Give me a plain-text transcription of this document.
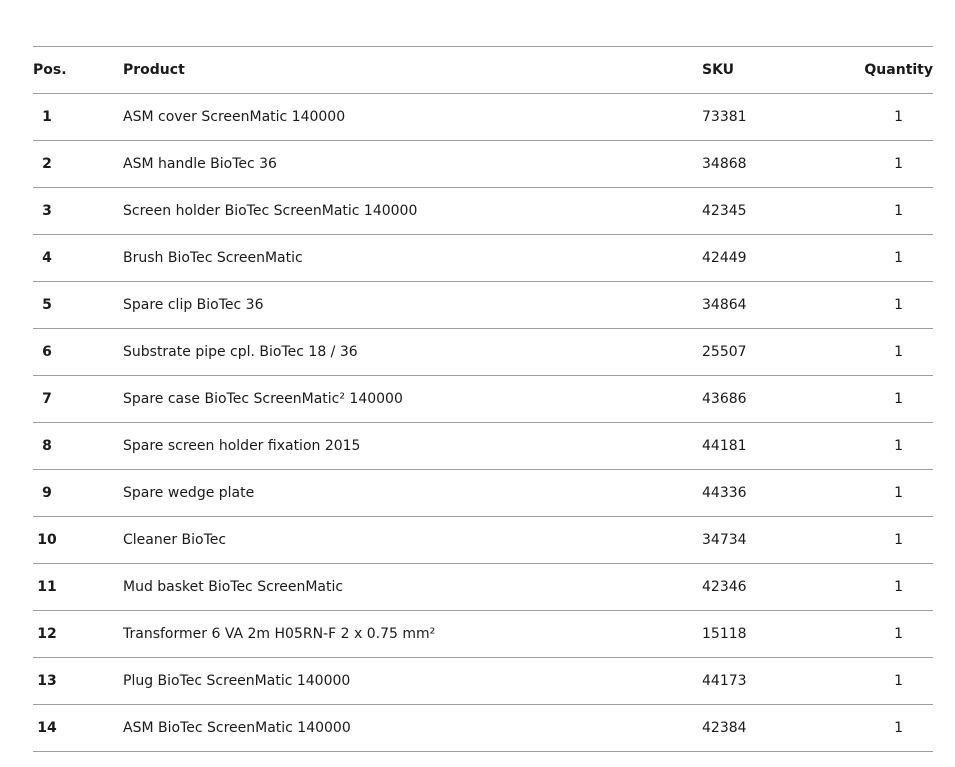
Pos.	Product	SKU	Quantity
1	ASM cover ScreenMatic 140000	73381	1
2	ASM handle BioTec 36	34868	1
3	Screen holder BioTec ScreenMatic 140000	42345	1
4	Brush BioTec ScreenMatic	42449	1
5	Spare clip BioTec 36	34864	1
6	Substrate pipe cpl. BioTec 18 / 36	25507	1
7	Spare case BioTec ScreenMatic² 140000	43686	1
8	Spare screen holder fixation 2015	44181	1
9	Spare wedge plate	44336	1
10	Cleaner BioTec	34734	1
11	Mud basket BioTec ScreenMatic	42346	1
12	Transformer 6 VA 2m H05RN-F 2 x 0.75 mm²	15118	1
13	Plug BioTec ScreenMatic 140000	44173	1
14	ASM BioTec ScreenMatic 140000	42384	1
